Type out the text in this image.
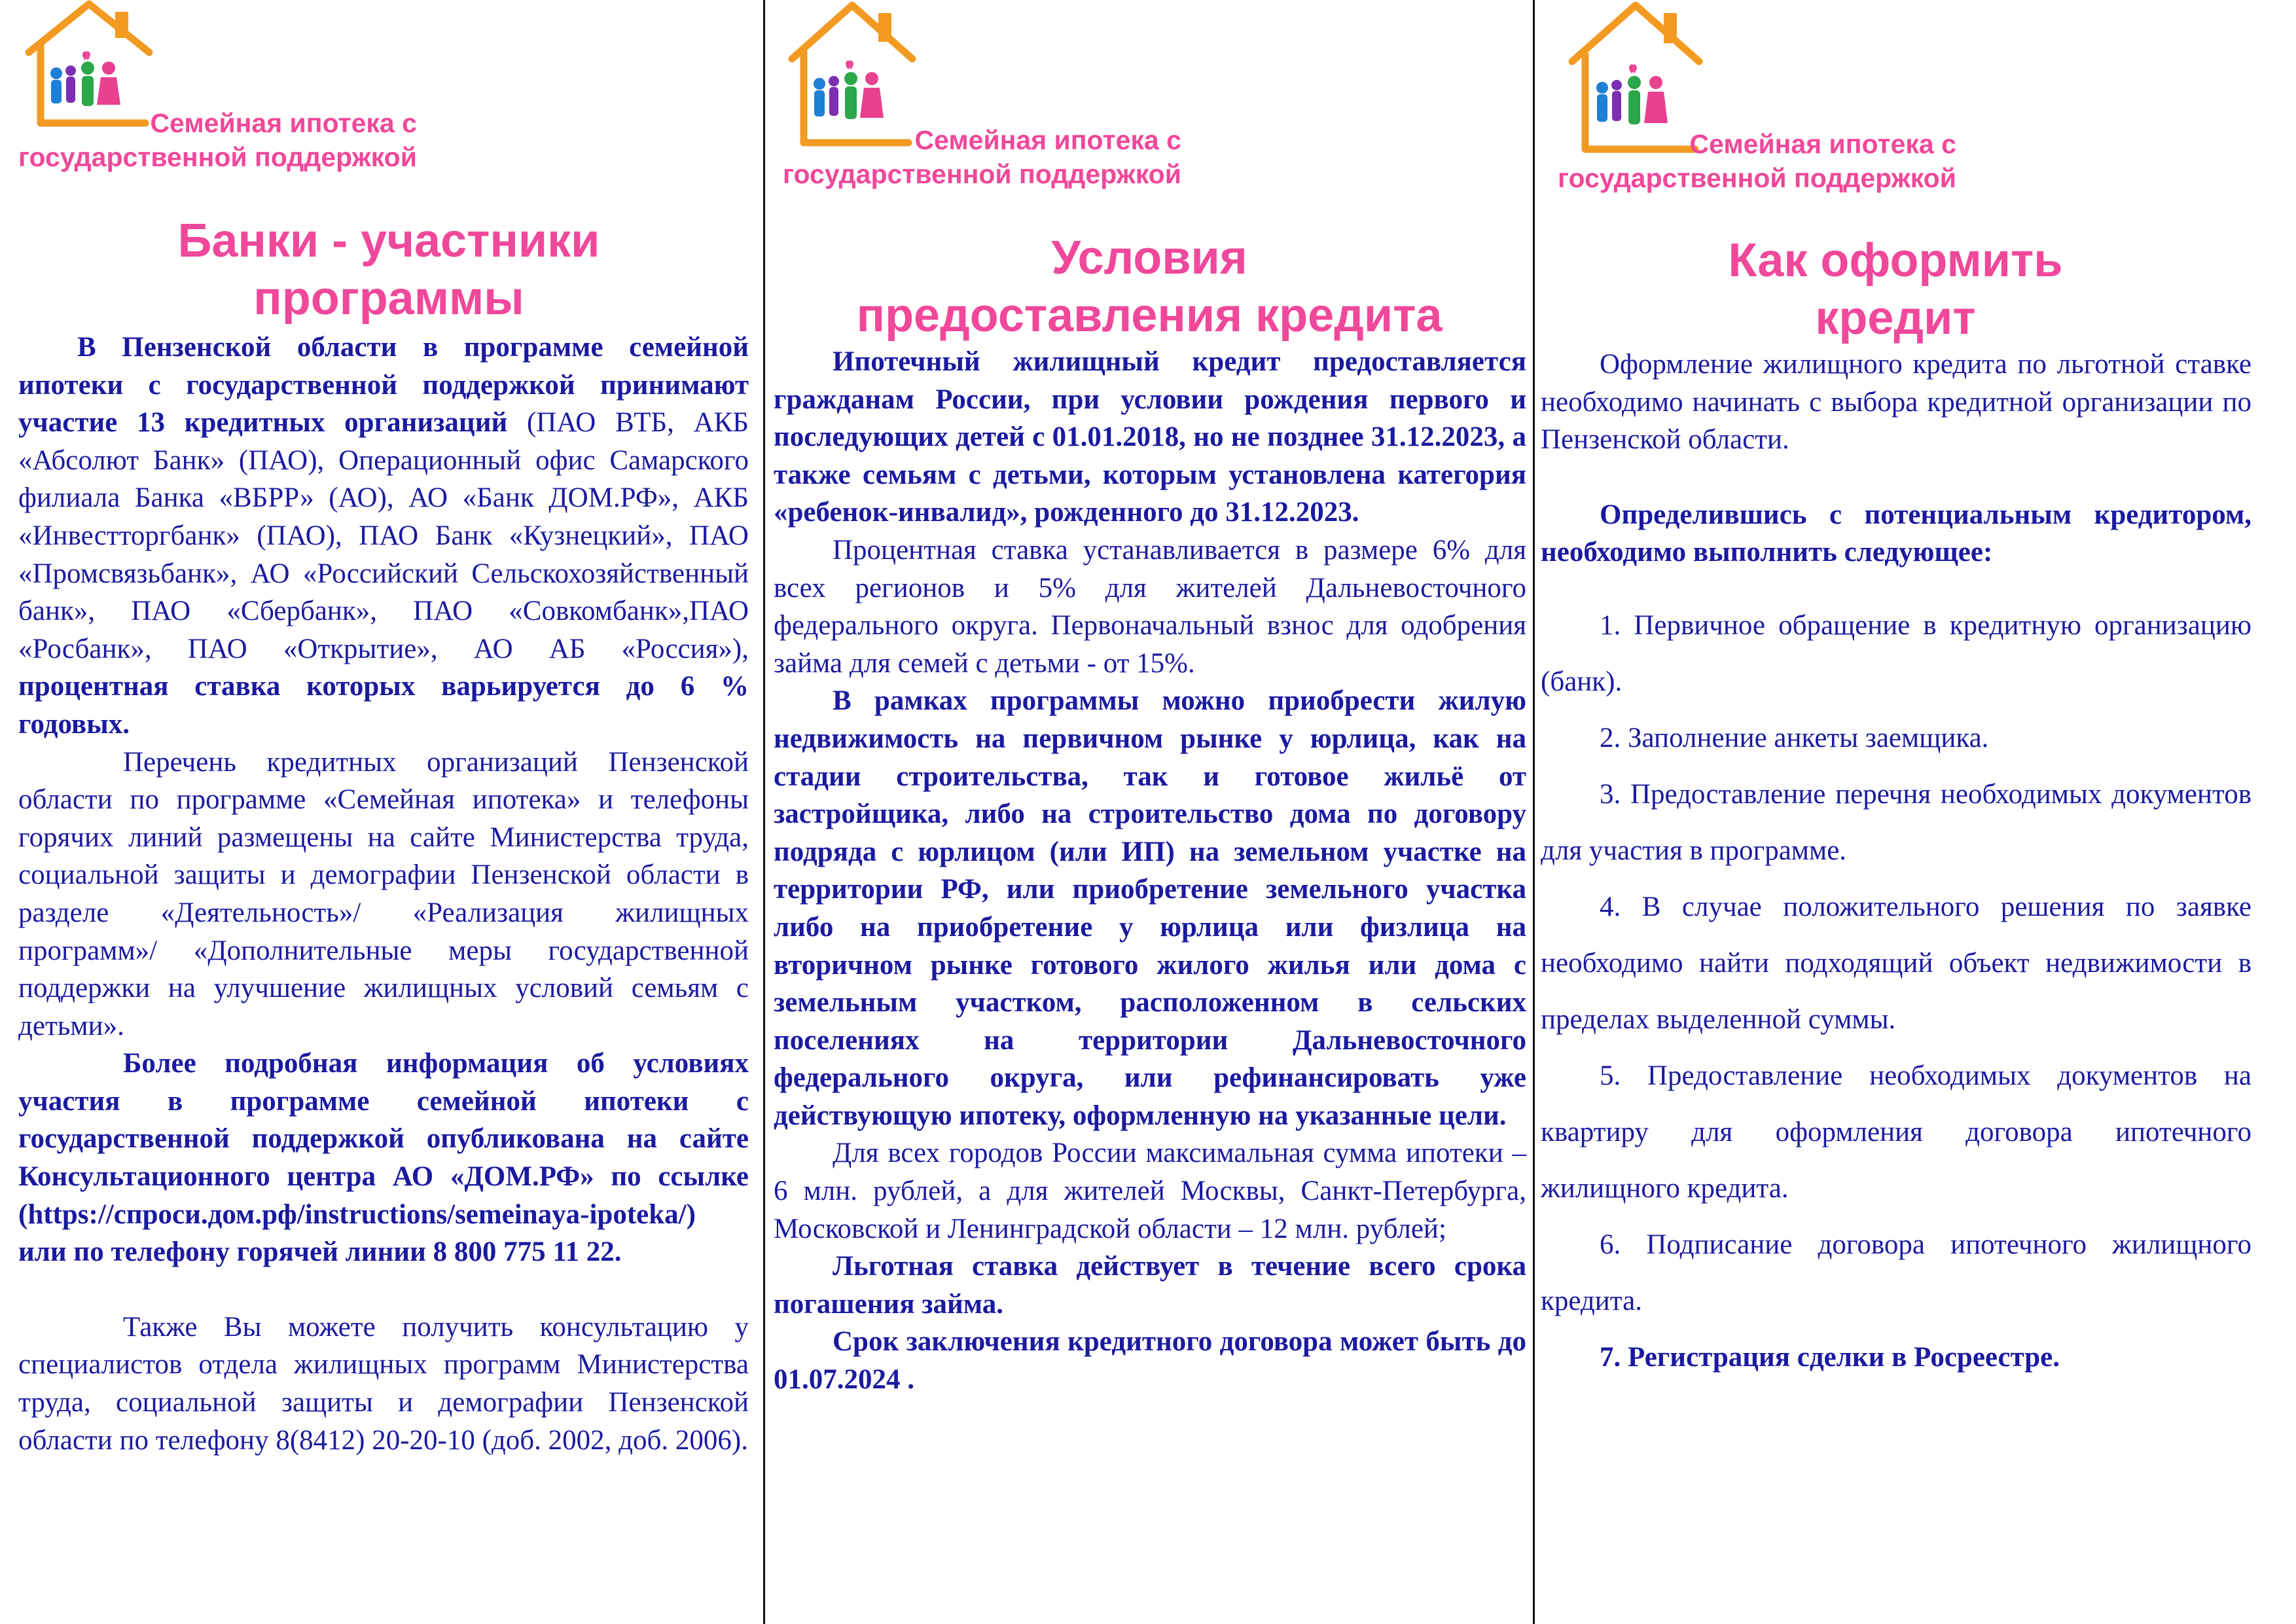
Семейная ипотека с
государственной поддержкой
Банки - участники
программы

В Пензенской области в программе семейной ипотеки с государственной поддержкой принимают участие 13 кредитных организаций (ПАО ВТБ, АКБ «Абсолют Банк» (ПАО), Операционный офис Самарского филиала Банка «ВБРР» (АО), АО «Банк ДОМ.РФ», АКБ «Инвестторгбанк» (ПАО), ПАО Банк «Кузнецкий», ПАО «Промсвязьбанк», АО «Российский Сельскохозяйственный банк», ПАО «Сбербанк», ПАО «Совкомбанк»,ПАО «Росбанк», ПАО «Открытие», АО АБ «Россия»), процентная ставка которых варьируется до 6 % годовых.

Перечень кредитных организаций Пензенской области по программе «Семейная ипотека» и телефоны горячих линий размещены на сайте Министерства труда, социальной защиты и демографии Пензенской области в разделе «Деятельность»/ «Реализация жилищных программ»/ «Дополнительные меры государственной поддержки на улучшение жилищных условий семьям с детьми».

Более подробная информация об условиях участия в программе семейной ипотеки с государственной поддержкой опубликована на сайте Консультационного центра АО «ДОМ.РФ» по ссылке (https://спроси.дом.рф/instructions/semeinaya-ipoteka/) или по телефону горячей линии 8 800 775 11 22.

Также Вы можете получить консультацию у специалистов отдела жилищных программ Министерства труда, социальной защиты и демографии Пензенской области по телефону 8(8412) 20-20-10 (доб. 2002, доб. 2006).

Семейная ипотека с
государственной поддержкой
Условия
предоставления кредита

Ипотечный жилищный кредит предоставляется гражданам России, при условии рождения первого и последующих детей с 01.01.2018, но не позднее 31.12.2023, а также семьям с детьми, которым установлена категория «ребенок-инвалид», рожденного до 31.12.2023.

Процентная ставка устанавливается в размере 6% для всех регионов и 5% для жителей Дальневосточного федерального округа. Первоначальный взнос для одобрения займа для семей с детьми - от 15%.

В рамках программы можно приобрести жилую недвижимость на первичном рынке у юрлица, как на стадии строительства, так и готовое жильё от застройщика, либо на строительство дома по договору подряда с юрлицом (или ИП) на земельном участке на территории РФ, или приобретение земельного участка либо на приобретение у юрлица или физлица на вторичном рынке готового жилого жилья или дома с земельным участком, расположенном в сельских поселениях на территории Дальневосточного федерального округа, или рефинансировать уже действующую ипотеку, оформленную на указанные цели.

Для всех городов России максимальная сумма ипотеки – 6 млн. рублей, а для жителей Москвы, Санкт-Петербурга, Московской и Ленинградской области – 12 млн. рублей;

Льготная ставка действует в течение всего срока погашения займа.

Срок заключения кредитного договора может быть до 01.07.2024 .

Семейная ипотека с
государственной поддержкой
Как оформить
кредит

Оформление жилищного кредита по льготной ставке необходимо начинать с выбора кредитной организации по Пензенской области.

Определившись с потенциальным кредитором, необходимо выполнить следующее:

1. Первичное обращение в кредитную организацию (банк).

2. Заполнение анкеты заемщика.

3. Предоставление перечня необходимых документов для участия в программе.

4. В случае положительного решения по заявке необходимо найти подходящий объект недвижимости в пределах выделенной суммы.

5. Предоставление необходимых документов на квартиру для оформления договора ипотечного жилищного кредита.

6. Подписание договора ипотечного жилищного кредита.

7. Регистрация сделки в Росреестре.
